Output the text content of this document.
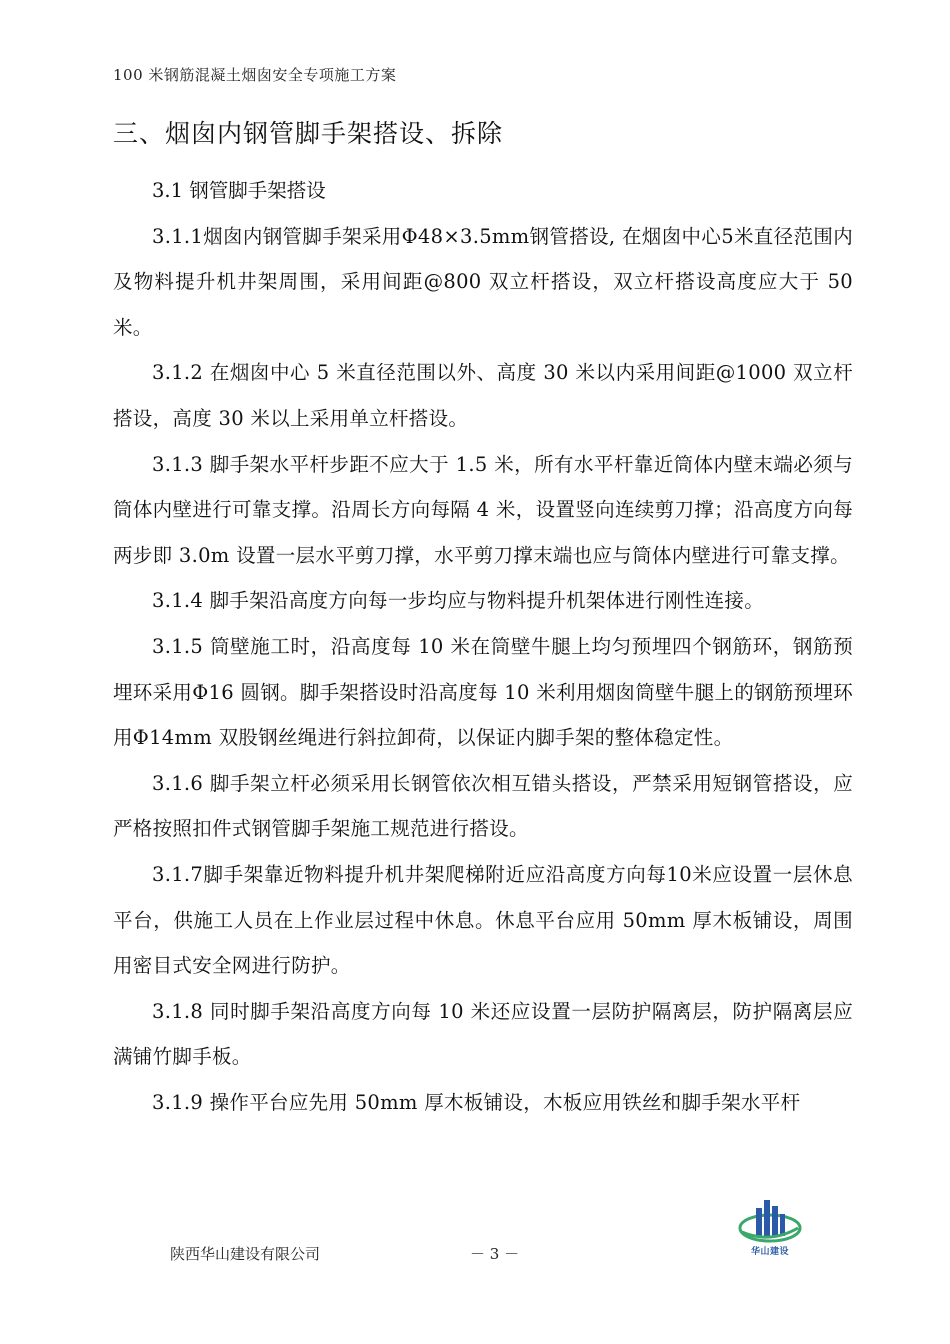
100 米钢筋混凝土烟囱安全专项施工方案
三、烟囱内钢管脚手架搭设、拆除

3.1 钢管脚手架搭设

3.1.1烟囱内钢管脚手架采用Φ48×3.5mm钢管搭设, 在烟囱中心5米直径范围内及物料提升机井架周围，采用间距@800 双立杆搭设，双立杆搭设高度应大于 50 米。

3.1.2 在烟囱中心 5 米直径范围以外、高度 30 米以内采用间距@1000 双立杆搭设，高度 30 米以上采用单立杆搭设。

3.1.3 脚手架水平杆步距不应大于 1.5 米，所有水平杆靠近筒体内壁末端必须与筒体内壁进行可靠支撑。沿周长方向每隔 4 米，设置竖向连续剪刀撑；沿高度方向每两步即 3.0m 设置一层水平剪刀撑，水平剪刀撑末端也应与筒体内壁进行可靠支撑。

3.1.4 脚手架沿高度方向每一步均应与物料提升机架体进行刚性连接。

3.1.5 筒壁施工时，沿高度每 10 米在筒壁牛腿上均匀预埋四个钢筋环，钢筋预埋环采用Φ16 圆钢。脚手架搭设时沿高度每 10 米利用烟囱筒壁牛腿上的钢筋预埋环用Φ14mm 双股钢丝绳进行斜拉卸荷，以保证内脚手架的整体稳定性。

3.1.6 脚手架立杆必须采用长钢管依次相互错头搭设，严禁采用短钢管搭设，应严格按照扣件式钢管脚手架施工规范进行搭设。

3.1.7脚手架靠近物料提升机井架爬梯附近应沿高度方向每10米应设置一层休息平台，供施工人员在上作业层过程中休息。休息平台应用 50mm 厚木板铺设，周围用密目式安全网进行防护。

3.1.8 同时脚手架沿高度方向每 10 米还应设置一层防护隔离层，防护隔离层应满铺竹脚手板。

3.1.9 操作平台应先用 50mm 厚木板铺设，木板应用铁丝和脚手架水平杆

华山建设
陕西华山建设有限公司	－ 3 －
